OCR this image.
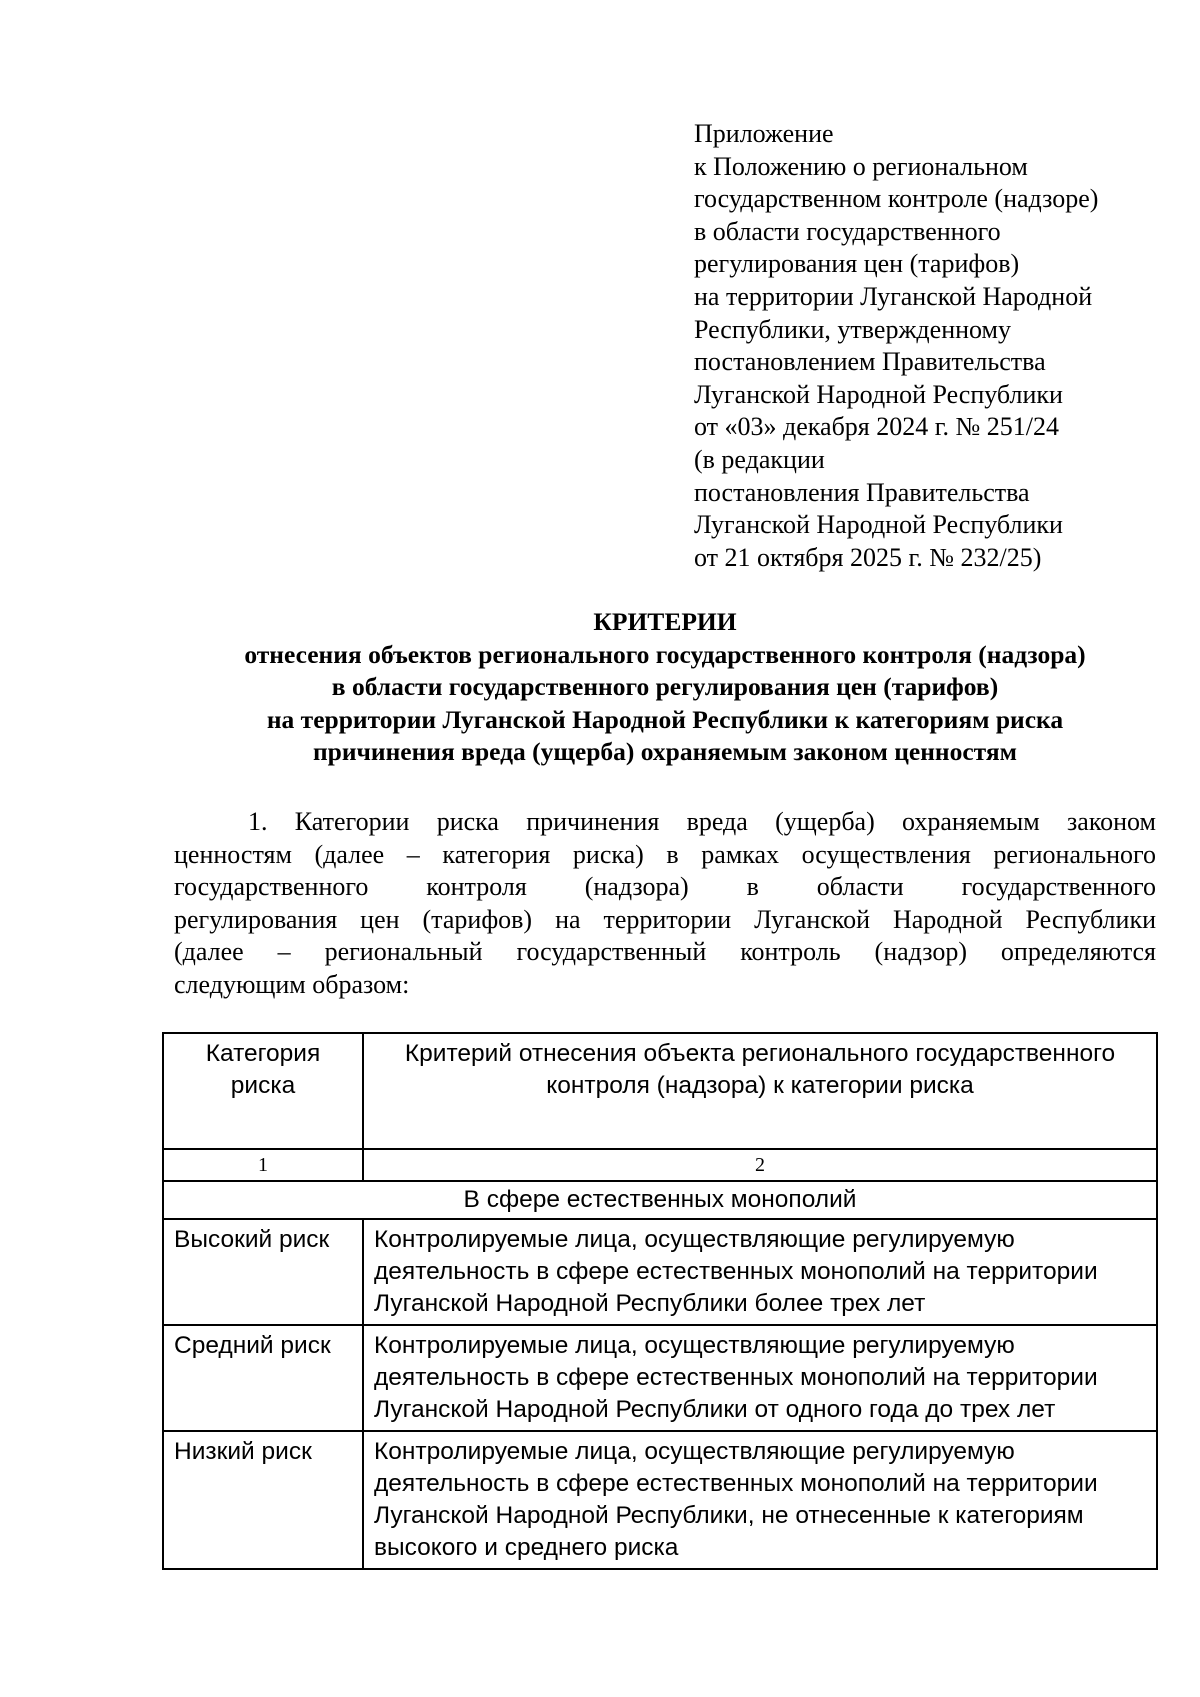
Приложение
к Положению о региональном
государственном контроле (надзоре)
в области государственного
регулирования цен (тарифов)
на территории Луганской Народной
Республики, утвержденному
постановлением Правительства
Луганской Народной Республики
от «03» декабря 2024 г. № 251/24
(в редакции
постановления Правительства
Луганской Народной Республики
от 21 октября 2025 г. № 232/25)
КРИТЕРИИ
отнесения объектов регионального государственного контроля (надзора)
в области государственного регулирования цен (тарифов)
на территории Луганской Народной Республики к категориям риска
причинения вреда (ущерба) охраняемым законом ценностям
1. Категории риска причинения вреда (ущерба) охраняемым законом
ценностям (далее – категория риска) в рамках осуществления регионального
государственного контроля (надзора) в области государственного
регулирования цен (тарифов) на территории Луганской Народной Республики
(далее – региональный государственный контроль (надзор) определяются
следующим образом:
Категория
риска	Критерий отнесения объекта регионального государственного
контроля (надзора) к категории риска

1	2
В сфере естественных монополий	
Высокий риск	Контролируемые лица, осуществляющие регулируемую
деятельность в сфере естественных монополий на территории
Луганской Народной Республики более трех лет

Средний риск	Контролируемые лица, осуществляющие регулируемую
деятельность в сфере естественных монополий на территории
Луганской Народной Республики от одного года до трех лет

Низкий риск	Контролируемые лица, осуществляющие регулируемую
деятельность в сфере естественных монополий на территории
Луганской Народной Республики, не отнесенные к категориям
высокого и среднего риска
